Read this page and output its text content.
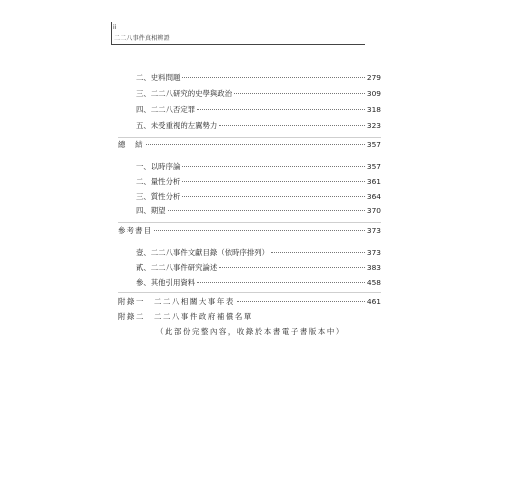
ii
二二八事件真相辨證
二、史料問題	279
三、二二八研究的史學與政治	309
四、二二八否定罪	318
五、未受重視的左翼勢力	323
總　結	357
一、以時序論	357
二、量性分析	361
三、質性分析	364
四、期望	370
參考書目	373
壹、二二八事件文獻目錄（依時序排列）	373
貳、二二八事件研究論述	383
參、其他引用資料	458
附錄一　二二八相關大事年表	461
附錄二　二二八事件政府補償名單
（此部份完整內容，收錄於本書電子書版本中）
